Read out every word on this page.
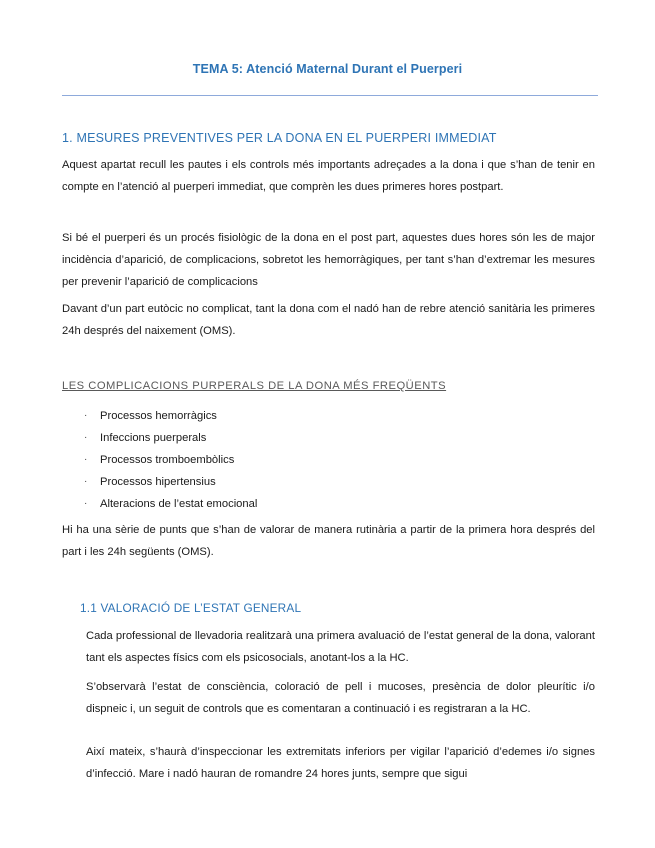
TEMA 5: Atenció Maternal Durant el Puerperi
1. MESURES PREVENTIVES PER LA DONA EN EL PUERPERI IMMEDIAT

Aquest apartat recull les pautes i els controls més importants adreçades a la dona i que s’han de tenir en compte en l’atenció al puerperi immediat, que comprèn les dues primeres hores postpart.

Si bé el puerperi és un procés fisiològic de la dona en el post part, aquestes dues hores són les de major incidència d’aparició, de complicacions, sobretot les hemorràgiques, per tant s’han d’extremar les mesures per prevenir l’aparició de complicacions

Davant d’un part eutòcic no complicat, tant la dona com el nadó han de rebre atenció sanitària les primeres 24h després del naixement (OMS).

LES COMPLICACIONS PURPERALS DE LA DONA MÉS FREQÜENTS
· Processos hemorràgics
· Infeccions puerperals
· Processos tromboembòlics
· Processos hipertensius
· Alteracions de l’estat emocional

Hi ha una sèrie de punts que s’han de valorar de manera rutinària a partir de la primera hora després del part i les 24h següents (OMS).

1.1 VALORACIÓ DE L’ESTAT GENERAL

Cada professional de llevadoria realitzarà una primera avaluació de l’estat general de la dona, valorant tant els aspectes físics com els psicosocials, anotant-los a la HC.

S’observarà l’estat de consciència, coloració de pell i mucoses, presència de dolor pleurític i/o dispneic i, un seguit de controls que es comentaran a continuació i es registraran a la HC.

Així mateix, s’haurà d’inspeccionar les extremitats inferiors per vigilar l’aparició d’edemes i/o signes d’infecció. Mare i nadó hauran de romandre 24 hores junts, sempre que sigui
